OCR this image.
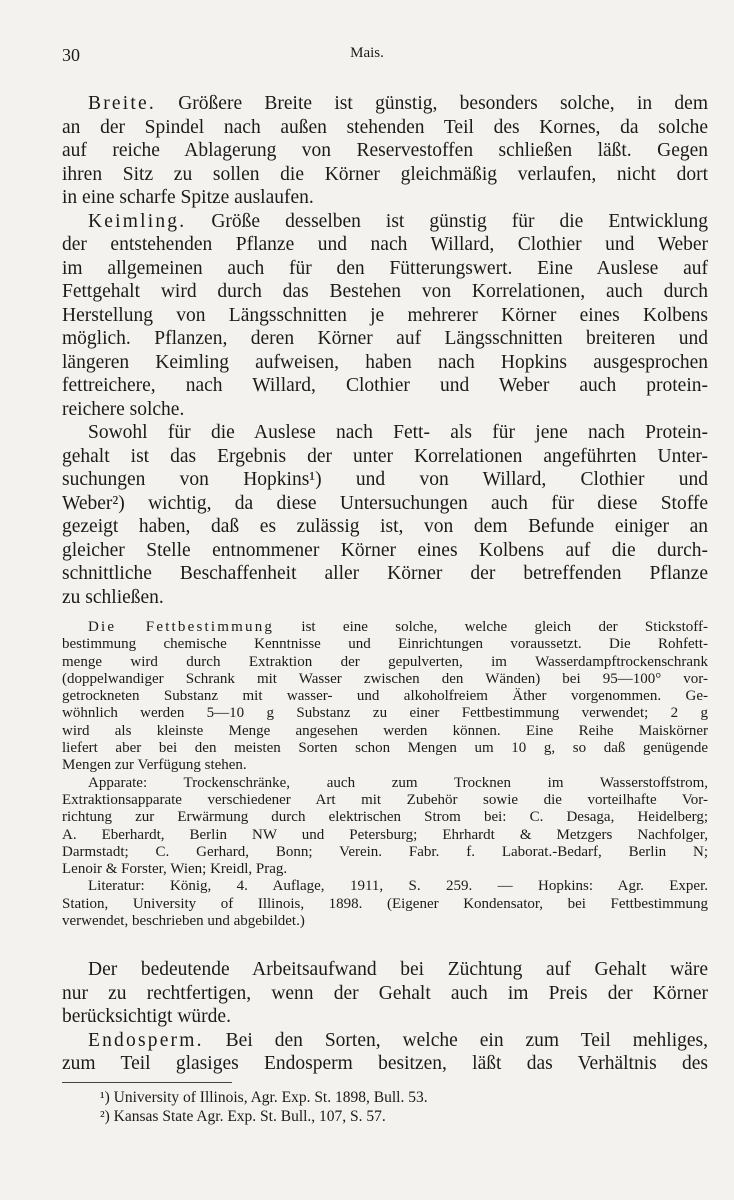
30	Mais.
Breite. Größere Breite ist günstig, besonders solche, in dem
an der Spindel nach außen stehenden Teil des Kornes, da solche
auf reiche Ablagerung von Reservestoffen schließen läßt. Gegen
ihren Sitz zu sollen die Körner gleichmäßig verlaufen, nicht dort
in eine scharfe Spitze auslaufen.
Keimling. Größe desselben ist günstig für die Entwicklung
der entstehenden Pflanze und nach Willard, Clothier und Weber
im allgemeinen auch für den Fütterungswert. Eine Auslese auf
Fettgehalt wird durch das Bestehen von Korrelationen, auch durch
Herstellung von Längsschnitten je mehrerer Körner eines Kolbens
möglich. Pflanzen, deren Körner auf Längsschnitten breiteren und
längeren Keimling aufweisen, haben nach Hopkins ausgesprochen
fettreichere, nach Willard, Clothier und Weber auch protein-
reichere solche.
Sowohl für die Auslese nach Fett- als für jene nach Protein-
gehalt ist das Ergebnis der unter Korrelationen angeführten Unter-
suchungen von Hopkins¹) und von Willard, Clothier und
Weber²) wichtig, da diese Untersuchungen auch für diese Stoffe
gezeigt haben, daß es zulässig ist, von dem Befunde einiger an
gleicher Stelle entnommener Körner eines Kolbens auf die durch-
schnittliche Beschaffenheit aller Körner der betreffenden Pflanze
zu schließen.
Die Fettbestimmung ist eine solche, welche gleich der Stickstoff-
bestimmung chemische Kenntnisse und Einrichtungen voraussetzt. Die Rohfett-
menge wird durch Extraktion der gepulverten, im Wasserdampftrockenschrank
(doppelwandiger Schrank mit Wasser zwischen den Wänden) bei 95—100° vor-
getrockneten Substanz mit wasser- und alkoholfreiem Äther vorgenommen. Ge-
wöhnlich werden 5—10 g Substanz zu einer Fettbestimmung verwendet; 2 g
wird als kleinste Menge angesehen werden können. Eine Reihe Maiskörner
liefert aber bei den meisten Sorten schon Mengen um 10 g, so daß genügende
Mengen zur Verfügung stehen.
Apparate: Trockenschränke, auch zum Trocknen im Wasserstoffstrom,
Extraktionsapparate verschiedener Art mit Zubehör sowie die vorteilhafte Vor-
richtung zur Erwärmung durch elektrischen Strom bei: C. Desaga, Heidelberg;
A. Eberhardt, Berlin NW und Petersburg; Ehrhardt & Metzgers Nachfolger,
Darmstadt; C. Gerhard, Bonn; Verein. Fabr. f. Laborat.-Bedarf, Berlin N;
Lenoir & Forster, Wien; Kreidl, Prag.
Literatur: König, 4. Auflage, 1911, S. 259. — Hopkins: Agr. Exper.
Station, University of Illinois, 1898. (Eigener Kondensator, bei Fettbestimmung
verwendet, beschrieben und abgebildet.)
Der bedeutende Arbeitsaufwand bei Züchtung auf Gehalt wäre
nur zu rechtfertigen, wenn der Gehalt auch im Preis der Körner
berücksichtigt würde.
Endosperm. Bei den Sorten, welche ein zum Teil mehliges,
zum Teil glasiges Endosperm besitzen, läßt das Verhältnis des
¹) University of Illinois, Agr. Exp. St. 1898, Bull. 53.
²) Kansas State Agr. Exp. St. Bull., 107, S. 57.
